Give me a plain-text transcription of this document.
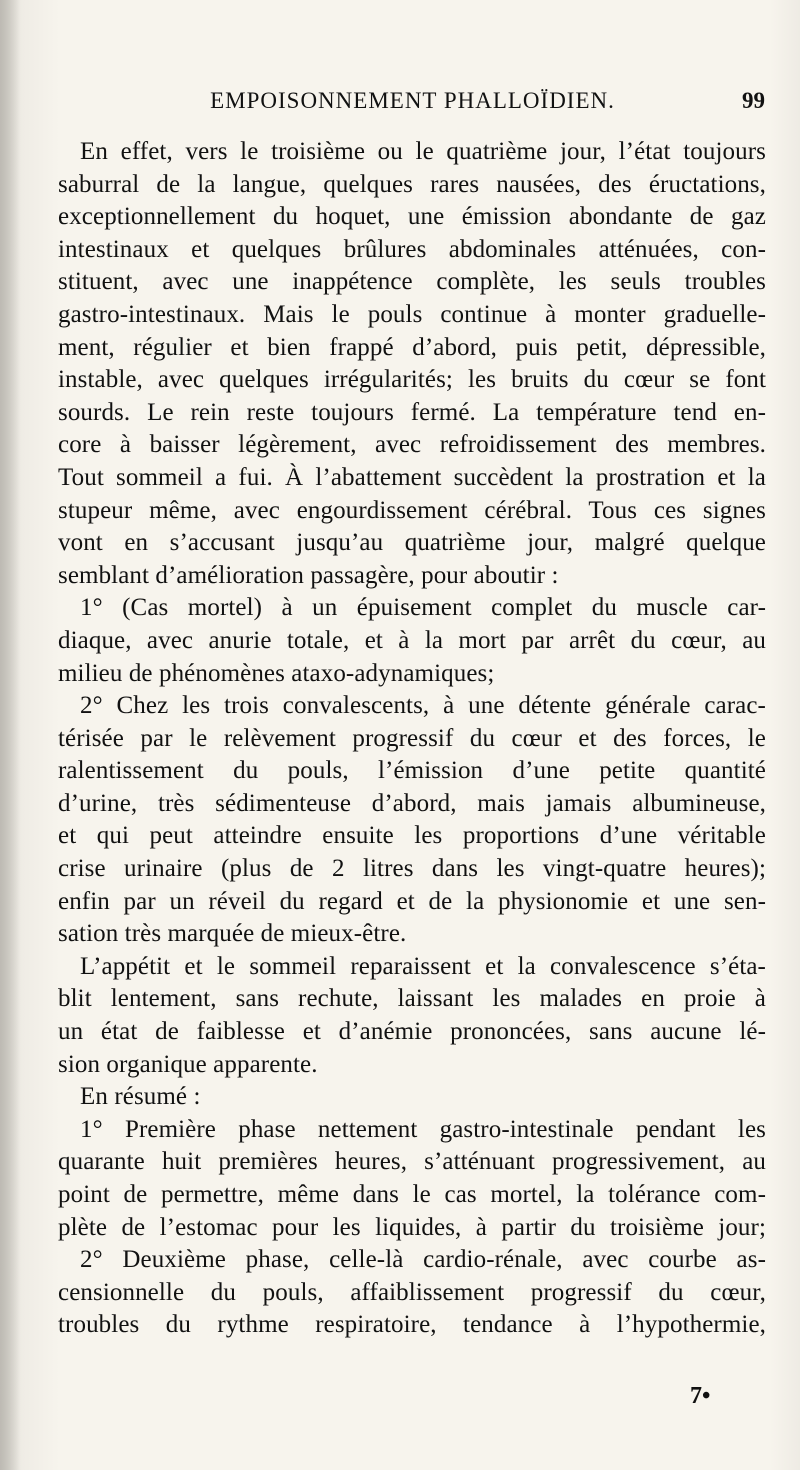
EMPOISONNEMENT PHALLOÏDIEN.	99
En effet, vers le troisième ou le quatrième jour, l’état toujours
saburral de la langue, quelques rares nausées, des éructations,
exceptionnellement du hoquet, une émission abondante de gaz
intestinaux et quelques brûlures abdominales atténuées, con-
stituent, avec une inappétence complète, les seuls troubles
gastro-intestinaux. Mais le pouls continue à monter graduelle-
ment, régulier et bien frappé d’abord, puis petit, dépressible,
instable, avec quelques irrégularités; les bruits du cœur se font
sourds. Le rein reste toujours fermé. La température tend en-
core à baisser légèrement, avec refroidissement des membres.
Tout sommeil a fui. À l’abattement succèdent la prostration et la
stupeur même, avec engourdissement cérébral. Tous ces signes
vont en s’accusant jusqu’au quatrième jour, malgré quelque
semblant d’amélioration passagère, pour aboutir :
1° (Cas mortel) à un épuisement complet du muscle car-
diaque, avec anurie totale, et à la mort par arrêt du cœur, au
milieu de phénomènes ataxo-adynamiques;
2° Chez les trois convalescents, à une détente générale carac-
térisée par le relèvement progressif du cœur et des forces, le
ralentissement du pouls, l’émission d’une petite quantité
d’urine, très sédimenteuse d’abord, mais jamais albumineuse,
et qui peut atteindre ensuite les proportions d’une véritable
crise urinaire (plus de 2 litres dans les vingt-quatre heures);
enfin par un réveil du regard et de la physionomie et une sen-
sation très marquée de mieux-être.
L’appétit et le sommeil reparaissent et la convalescence s’éta-
blit lentement, sans rechute, laissant les malades en proie à
un état de faiblesse et d’anémie prononcées, sans aucune lé-
sion organique apparente.
En résumé :
1° Première phase nettement gastro-intestinale pendant les
quarante huit premières heures, s’atténuant progressivement, au
point de permettre, même dans le cas mortel, la tolérance com-
plète de l’estomac pour les liquides, à partir du troisième jour;
2° Deuxième phase, celle-là cardio-rénale, avec courbe as-
censionnelle du pouls, affaiblissement progressif du cœur,
troubles du rythme respiratoire, tendance à l’hypothermie,
7•
